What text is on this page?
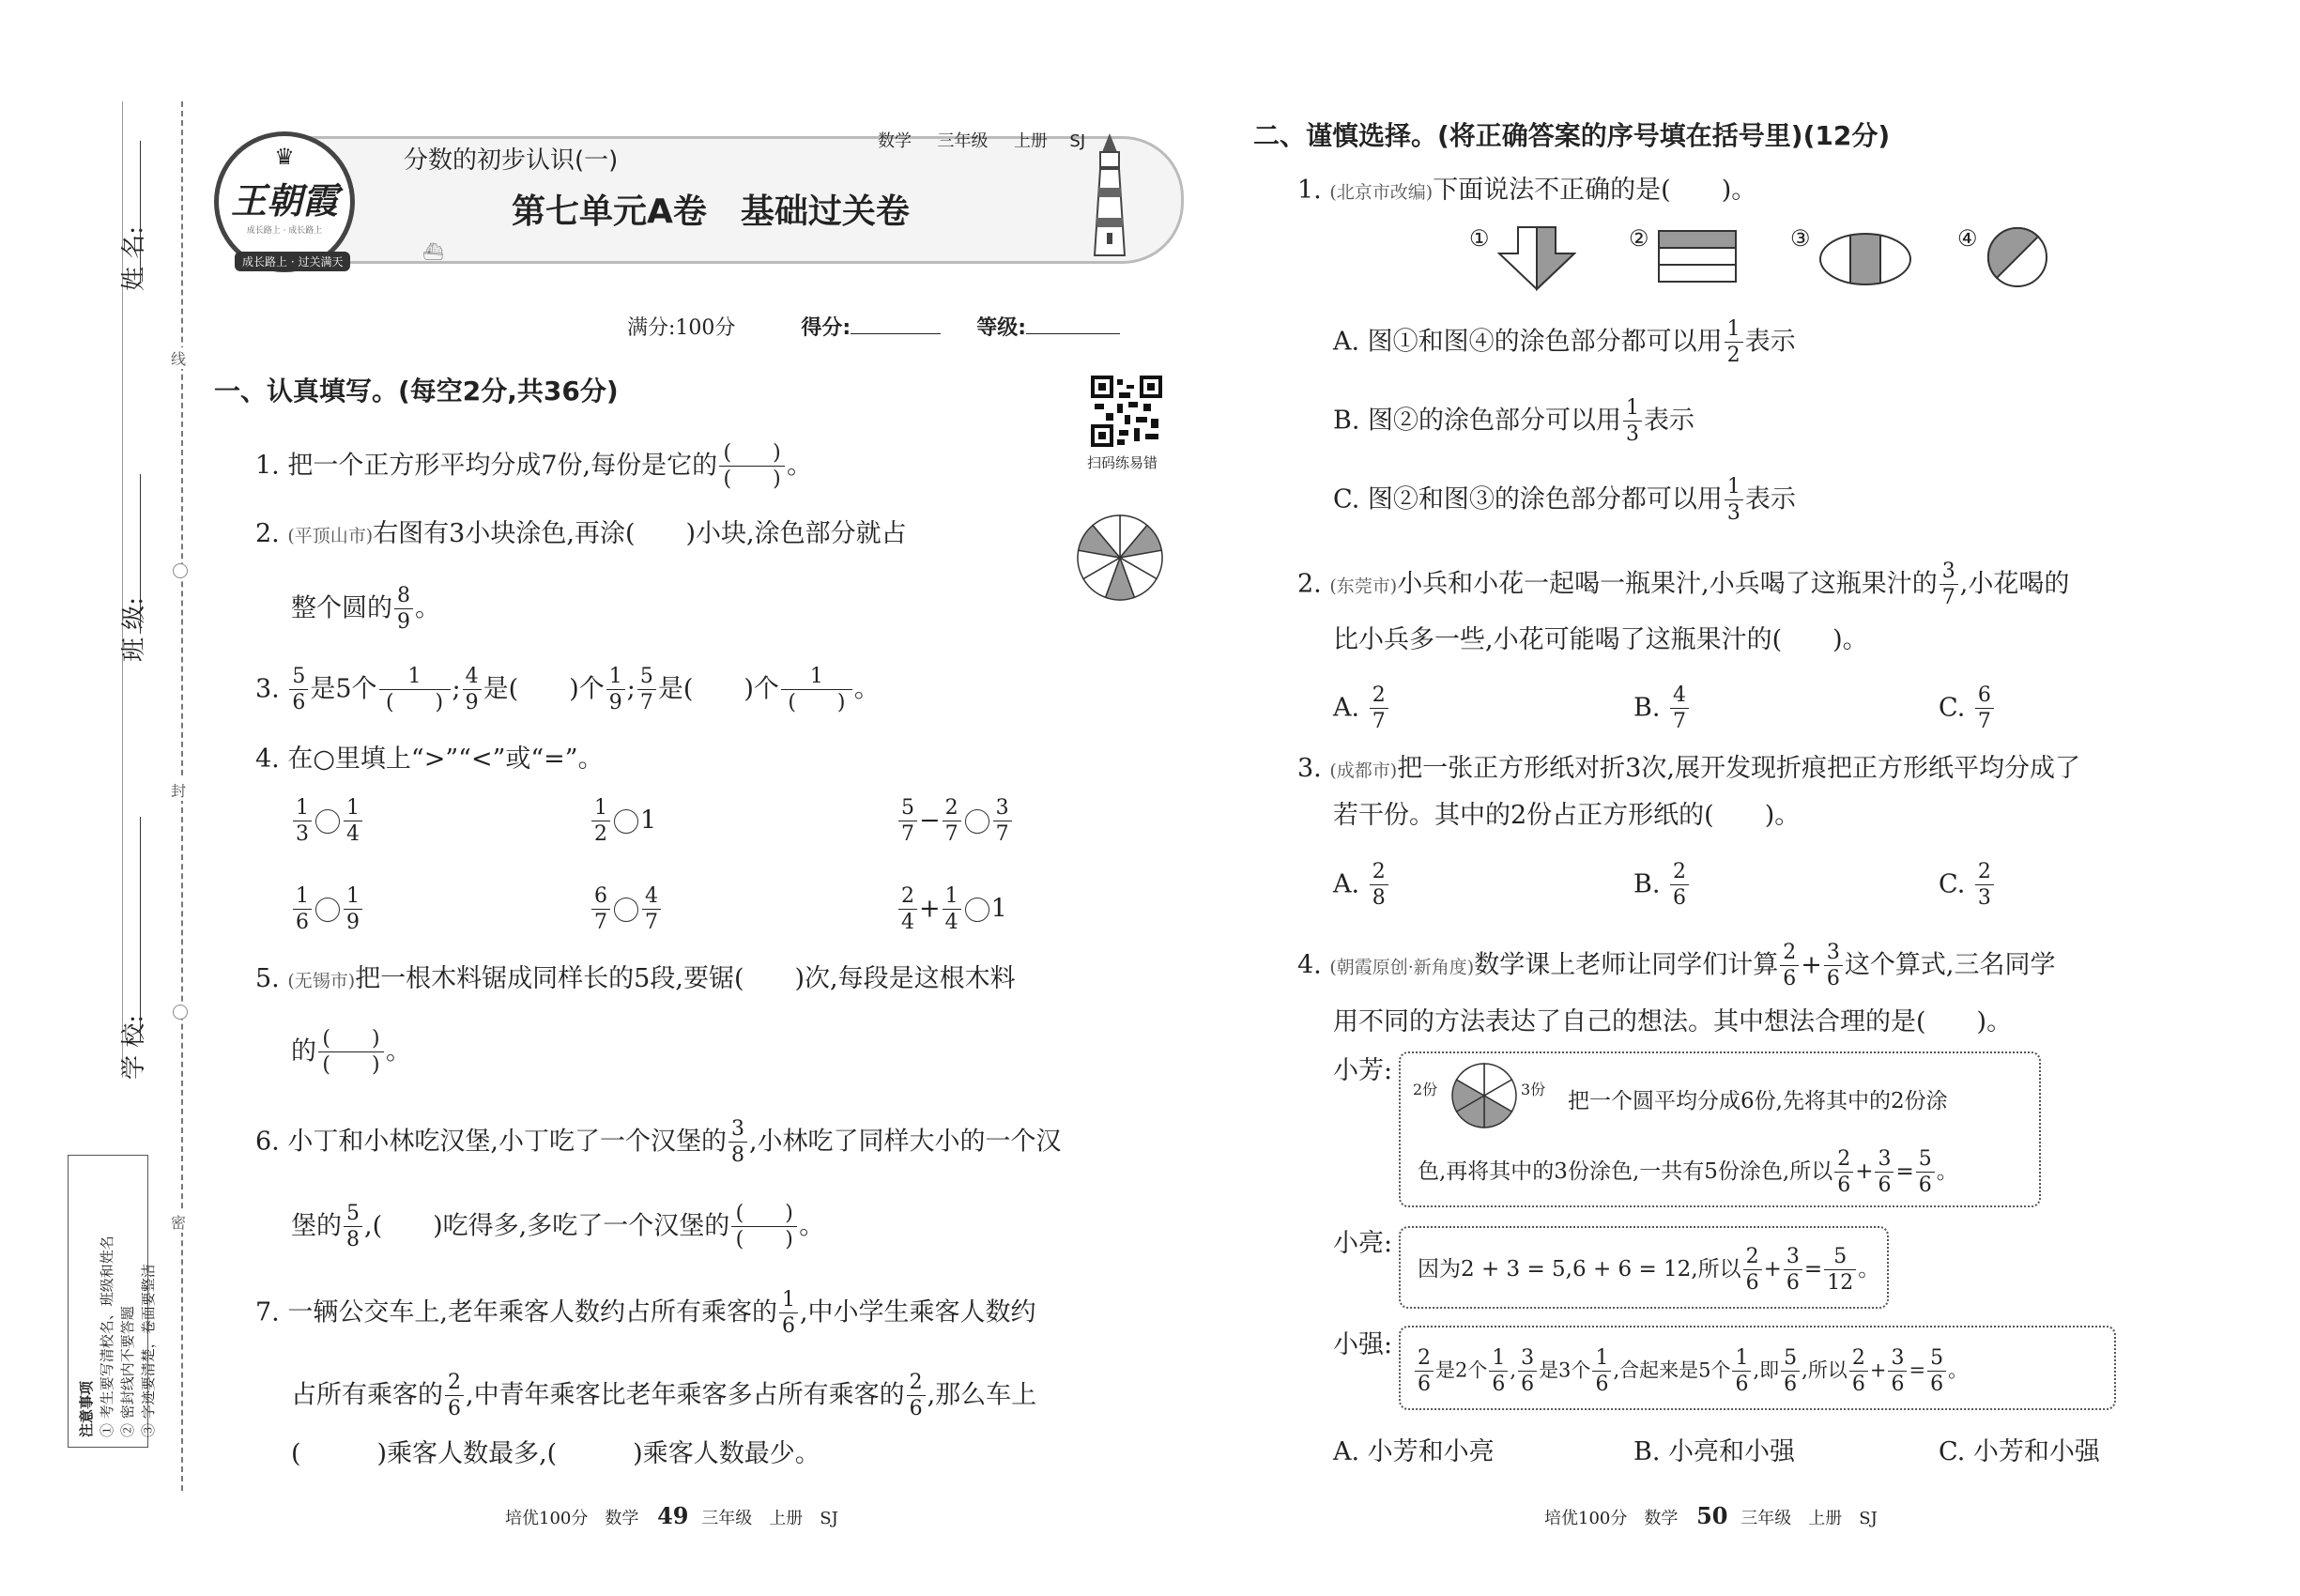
姓 名:
班 级:
学 校:
线
封
密
注意事项 ① 考生要写清校名、班级和姓名 ② 密封线内不要答题 ③ 字迹要清楚，卷面要整洁
♛
王朝霞
成长路上 · 成长路上
成长路上 · 过关满天
分数的初步认识(一)
数学 三年级 上册 SJ
第七单元A卷　基础过关卷
⛴
满分:100分	得分:	等级:
扫码练易错
一、认真填写。(每空2分,共36分)
1. 把一个正方形平均分成7份,每份是它的 $\frac{( )}{( )}$ 。
2. (平顶山市)右图有3小块涂色,再涂(　　)小块,涂色部分就占
整个圆的 $\frac{8}{9}$ 。
3. $\frac{5}{6}$ 是5个 $\frac{1}{( )}$ ; $\frac{4}{9}$ 是(　　)个 $\frac{1}{9}$ ; $\frac{5}{7}$ 是(　　)个 $\frac{1}{( )}$ 。
4. 在○里填上“>”“<”或“=”。
$\frac{1}{3} \frac{1}{4}$	$\frac{1}{2} 1$	$\frac{5}{7} - \frac{2}{7} \frac{3}{7}$
$\frac{1}{6} \frac{1}{9}$	$\frac{6}{7} \frac{4}{7}$	$\frac{2}{4} + \frac{1}{4} 1$
5. (无锡市)把一根木料锯成同样长的5段,要锯(　　)次,每段是这根木料
的 $\frac{( )}{( )}$ 。
6. 小丁和小林吃汉堡,小丁吃了一个汉堡的 $\frac{3}{8}$ ,小林吃了同样大小的一个汉
堡的 $\frac{5}{8}$ ,(　　)吃得多,多吃了一个汉堡的 $\frac{( )}{( )}$ 。
7. 一辆公交车上,老年乘客人数约占所有乘客的 $\frac{1}{6}$ ,中小学生乘客人数约
占所有乘客的 $\frac{2}{6}$ ,中青年乘客比老年乘客多占所有乘客的 $\frac{2}{6}$ ,那么车上
(　　　)乘客人数最多,(　　　)乘客人数最少。
培优100分　数学 49 三年级　上册　SJ
二、谨慎选择。(将正确答案的序号填在括号里)(12分)
1. (北京市改编)下面说法不正确的是(　　)。
①	②	③	④
A. 图①和图④的涂色部分都可以用 $\frac{1}{2}$ 表示
B. 图②的涂色部分可以用 $\frac{1}{3}$ 表示
C. 图②和图③的涂色部分都可以用 $\frac{1}{3}$ 表示
2. (东莞市)小兵和小花一起喝一瓶果汁,小兵喝了这瓶果汁的 $\frac{3}{7}$ ,小花喝的
比小兵多一些,小花可能喝了这瓶果汁的(　　)。
A. $\frac{2}{7}$	B. $\frac{4}{7}$	C. $\frac{6}{7}$
3. (成都市)把一张正方形纸对折3次,展开发现折痕把正方形纸平均分成了
若干份。其中的2份占正方形纸的(　　)。
A. $\frac{2}{8}$	B. $\frac{2}{6}$	C. $\frac{2}{3}$
4. (朝霞原创·新角度)数学课上老师让同学们计算 $\frac{2}{6} + \frac{3}{6}$ 这个算式,三名同学
用不同的方法表达了自己的想法。其中想法合理的是(　　)。
小芳:
2份	3份 把一个圆平均分成6份,先将其中的2份涂
色,再将其中的3份涂色,一共有5份涂色,所以 $\frac{2}{6} + \frac{3}{6} = \frac{5}{6}$ 。
小亮:
因为2 + 3 = 5,6 + 6 = 12,所以 $\frac{2}{6} + \frac{3}{6} = \frac{5}{12}$ 。
小强:
$\frac{2}{6}$ 是2个 $\frac{1}{6}$ , $\frac{3}{6}$ 是3个 $\frac{1}{6}$ ,合起来是5个 $\frac{1}{6}$ ,即 $\frac{5}{6}$ ,所以 $\frac{2}{6} + \frac{3}{6} = \frac{5}{6}$ 。
A. 小芳和小亮	B. 小亮和小强	C. 小芳和小强
培优100分　数学 50 三年级　上册　SJ
